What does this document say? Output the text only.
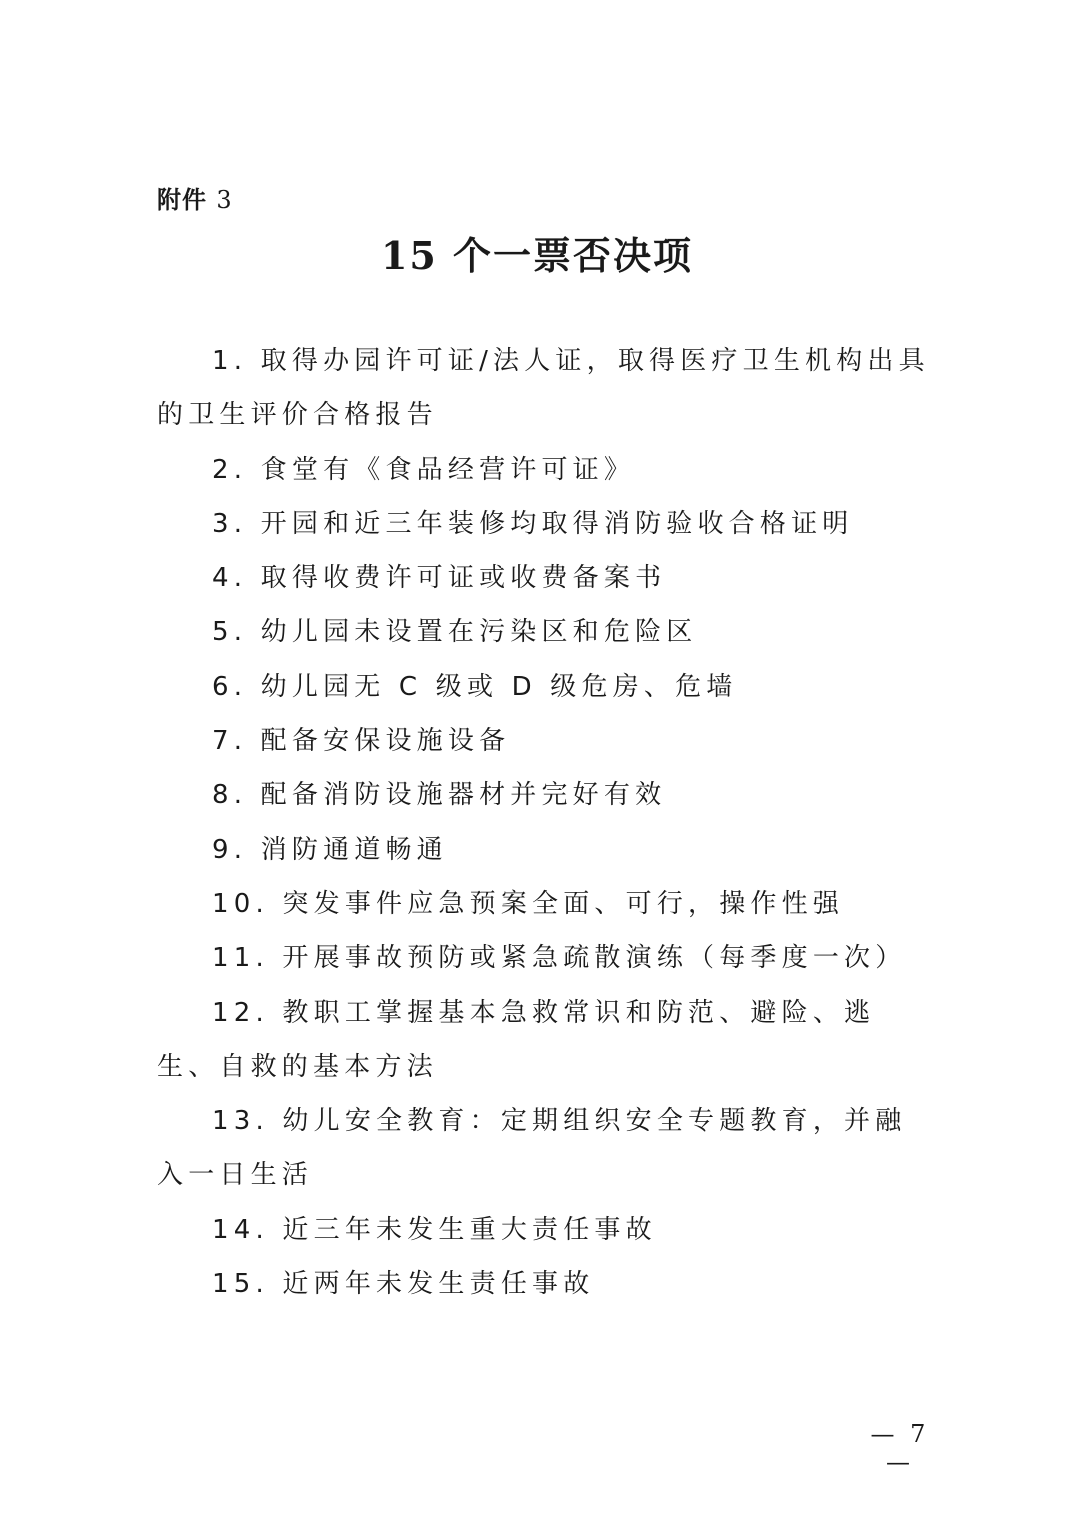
附件 3
15 个一票否决项
1. 取得办园许可证/法人证，取得医疗卫生机构出具的卫生评价合格报告
2. 食堂有《食品经营许可证》
3. 开园和近三年装修均取得消防验收合格证明
4. 取得收费许可证或收费备案书
5. 幼儿园未设置在污染区和危险区
6. 幼儿园无 C 级或 D 级危房、危墙
7. 配备安保设施设备
8. 配备消防设施器材并完好有效
9. 消防通道畅通
10. 突发事件应急预案全面、可行，操作性强
11. 开展事故预防或紧急疏散演练（每季度一次）
12. 教职工掌握基本急救常识和防范、避险、逃生、自救的基本方法
13. 幼儿安全教育：定期组织安全专题教育，并融入一日生活
14. 近三年未发生重大责任事故
15. 近两年未发生责任事故
— 7 —
